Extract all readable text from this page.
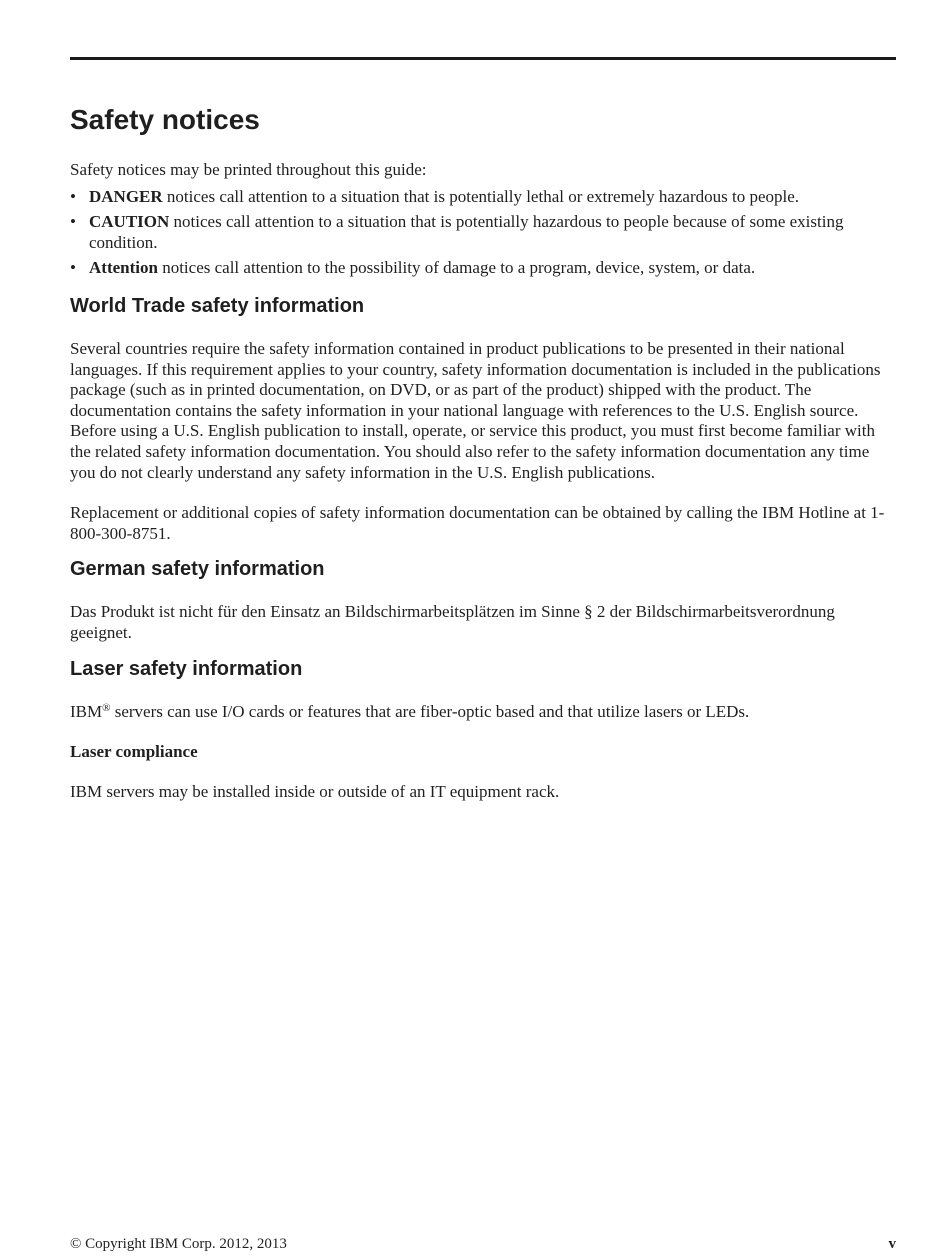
Safety notices

Safety notices may be printed throughout this guide:

• DANGER notices call attention to a situation that is potentially lethal or extremely hazardous to people.
• CAUTION notices call attention to a situation that is potentially hazardous to people because of some existing condition.
• Attention notices call attention to the possibility of damage to a program, device, system, or data.
World Trade safety information

Several countries require the safety information contained in product publications to be presented in their national languages. If this requirement applies to your country, safety information documentation is included in the publications package (such as in printed documentation, on DVD, or as part of the product) shipped with the product. The documentation contains the safety information in your national language with references to the U.S. English source. Before using a U.S. English publication to install, operate, or service this product, you must first become familiar with the related safety information documentation. You should also refer to the safety information documentation any time you do not clearly understand any safety information in the U.S. English publications.

Replacement or additional copies of safety information documentation can be obtained by calling the IBM Hotline at 1-800-300-8751.

German safety information

Das Produkt ist nicht für den Einsatz an Bildschirmarbeitsplätzen im Sinne § 2 der Bildschirmarbeitsverordnung geeignet.

Laser safety information

IBM® servers can use I/O cards or features that are fiber-optic based and that utilize lasers or LEDs.

Laser compliance

IBM servers may be installed inside or outside of an IT equipment rack.

© Copyright IBM Corp. 2012, 2013	v
